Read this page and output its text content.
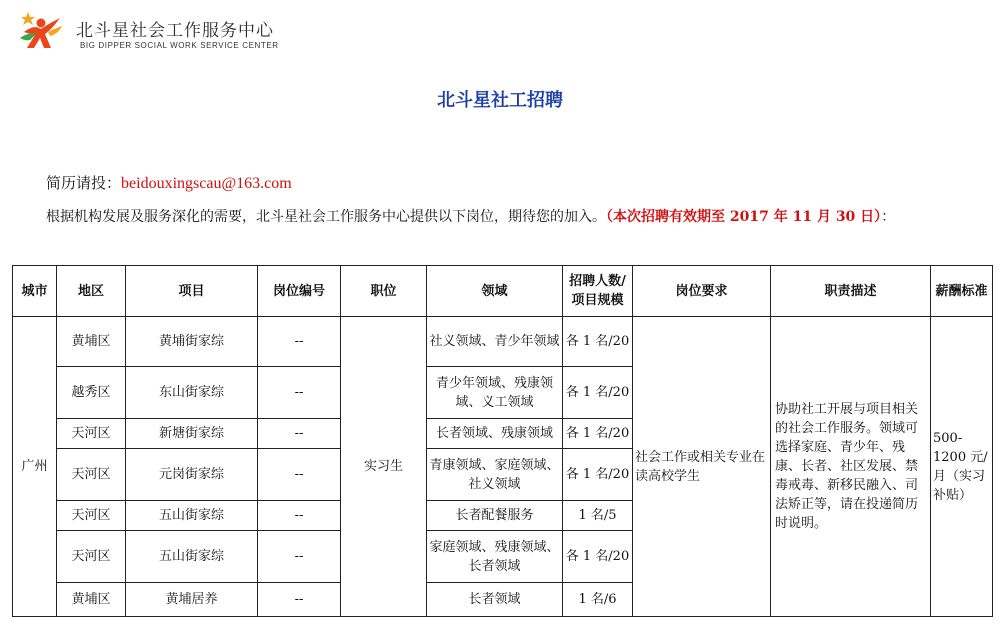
北斗星社会工作服务中心
BIG DIPPER SOCIAL WORK SERVICE CENTER
北斗星社工招聘
简历请投：beidouxingscau@163.com
根据机构发展及服务深化的需要，北斗星社会工作服务中心提供以下岗位，期待您的加入。（本次招聘有效期至 2017 年 11 月 30 日）：
城市	地区	项目	岗位编号	职位	领域	招聘人数/项目规模	岗位要求	职责描述	薪酬标准
广州	黄埔区	黄埔街家综	--	实习生	社义领域、青少年领域	各 1 名/20	社会工作或相关专业在读高校学生	协助社工开展与项目相关的社会工作服务。领域可选择家庭、青少年、残康、长者、社区发展、禁毒戒毒、新移民融入、司法矫正等，请在投递简历时说明。	500-1200 元/月（实习补贴）
	越秀区	东山街家综	--		青少年领域、残康领域、义工领域	各 1 名/20			
	天河区	新塘街家综	--		长者领域、残康领域	各 1 名/20			
	天河区	元岗街家综	--		青康领域、家庭领域、社义领域	各 1 名/20			
	天河区	五山街家综	--		长者配餐服务	1 名/5			
	天河区	五山街家综	--		家庭领域、残康领域、长者领域	各 1 名/20			
	黄埔区	黄埔居养	--		长者领域	1 名/6			
